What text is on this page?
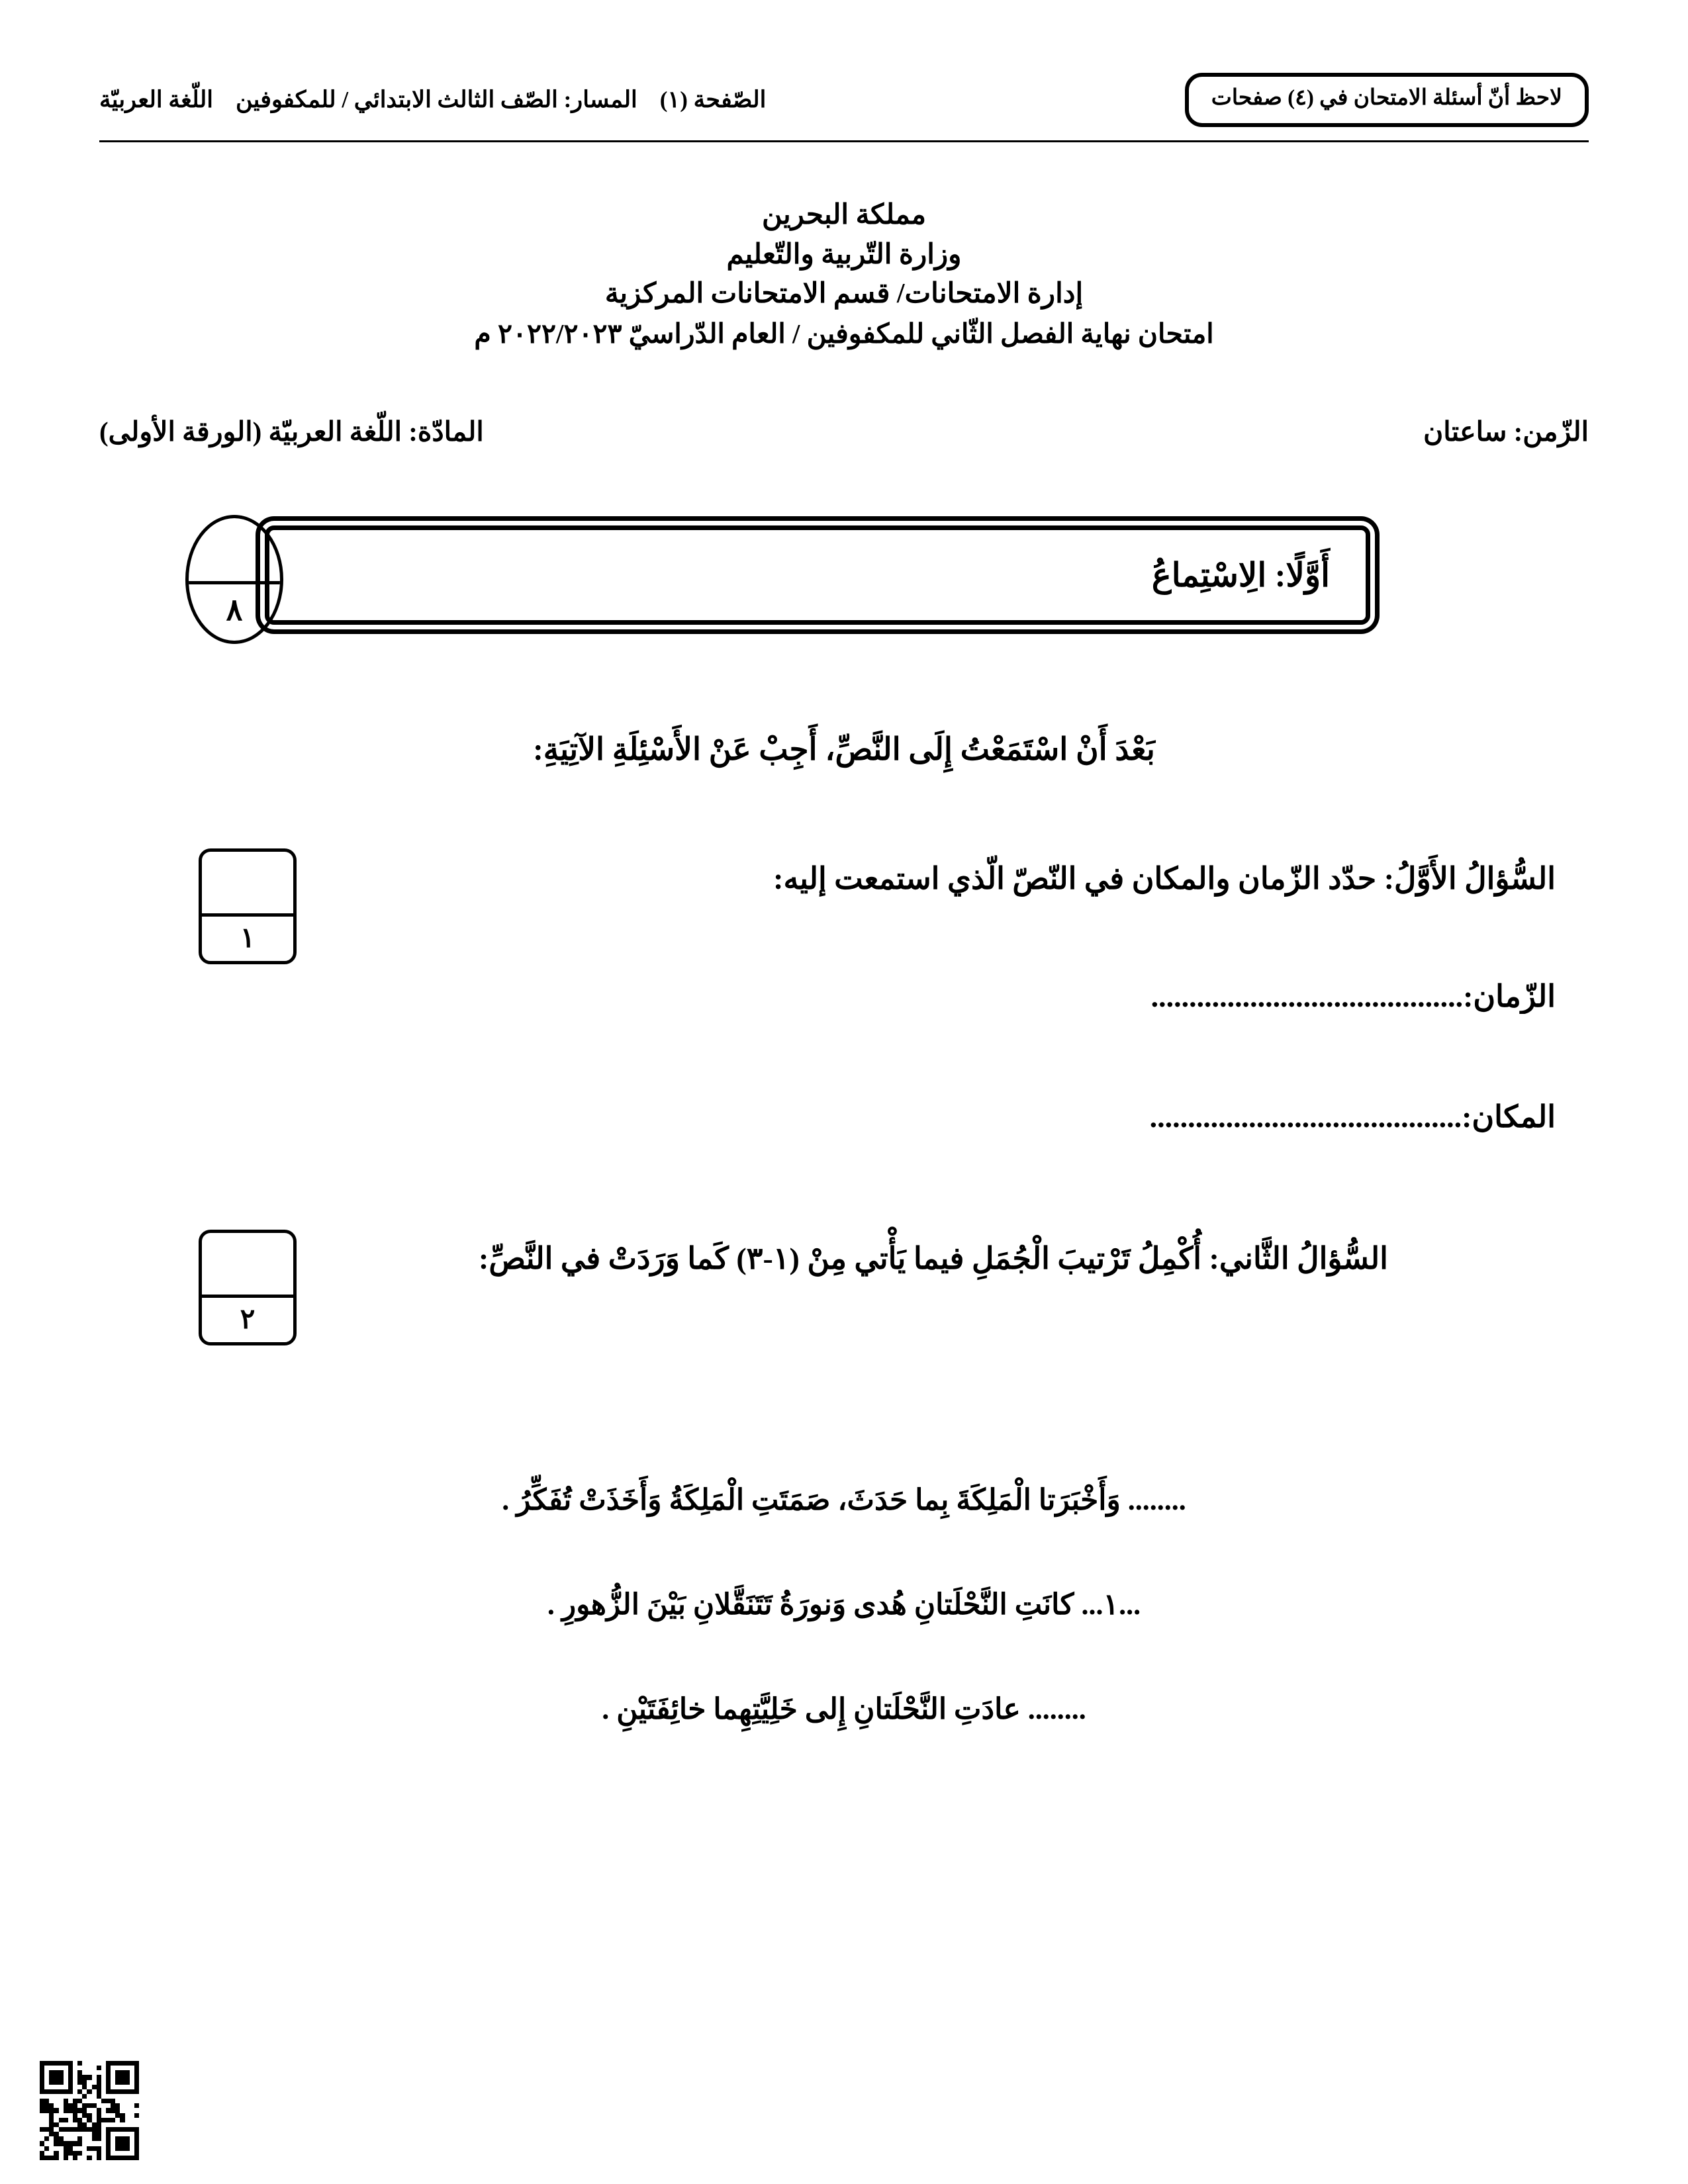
لاحظ أنّ أسئلة الامتحان في (٤) صفحات
الصّفحة (١)
المسار: الصّف الثالث الابتدائي / للمكفوفين
اللّغة العربيّة
مملكة البحرين
وزارة التّربية والتّعليم
إدارة الامتحانات/ قسم الامتحانات المركزية
امتحان نهاية الفصل الثّاني للمكفوفين / العام الدّراسيّ ٢٠٢٢/٢٠٢٣ م
الزّمن: ساعتان
المادّة: اللّغة العربيّة (الورقة الأولى)
أَوَّلًا: الِاسْتِماعُ
٨
بَعْدَ أَنْ اسْتَمَعْتُ إِلَى النَّصِّ، أَجِبْ عَنْ الأَسْئِلَةِ الآتِيَةِ:
١
السُّؤالُ الأَوَّلُ: حدّد الزّمان والمكان في النّصّ الّذي استمعت إليه:
الزّمان:.........................................
المكان:.........................................
٢
السُّؤالُ الثَّاني: أُكْمِلُ تَرْتيبَ الْجُمَلِ فيما يَأْتي مِنْ (١-٣) كَما وَرَدَتْ في النَّصِّ:
........ وَأَخْبَرَتا الْمَلِكَةَ بِما حَدَثَ، صَمَتَتِ الْمَلِكَةُ وَأَخَذَتْ تُفَكِّرُ .
...١... كانَتِ النَّحْلَتانِ هُدى وَنورَةُ تَتَنَقَّلانِ بَيْنَ الزُّهورِ .
........ عادَتِ النَّحْلَتانِ إِلى خَلِيَّتِهِما خائِفَتَيْنِ .
